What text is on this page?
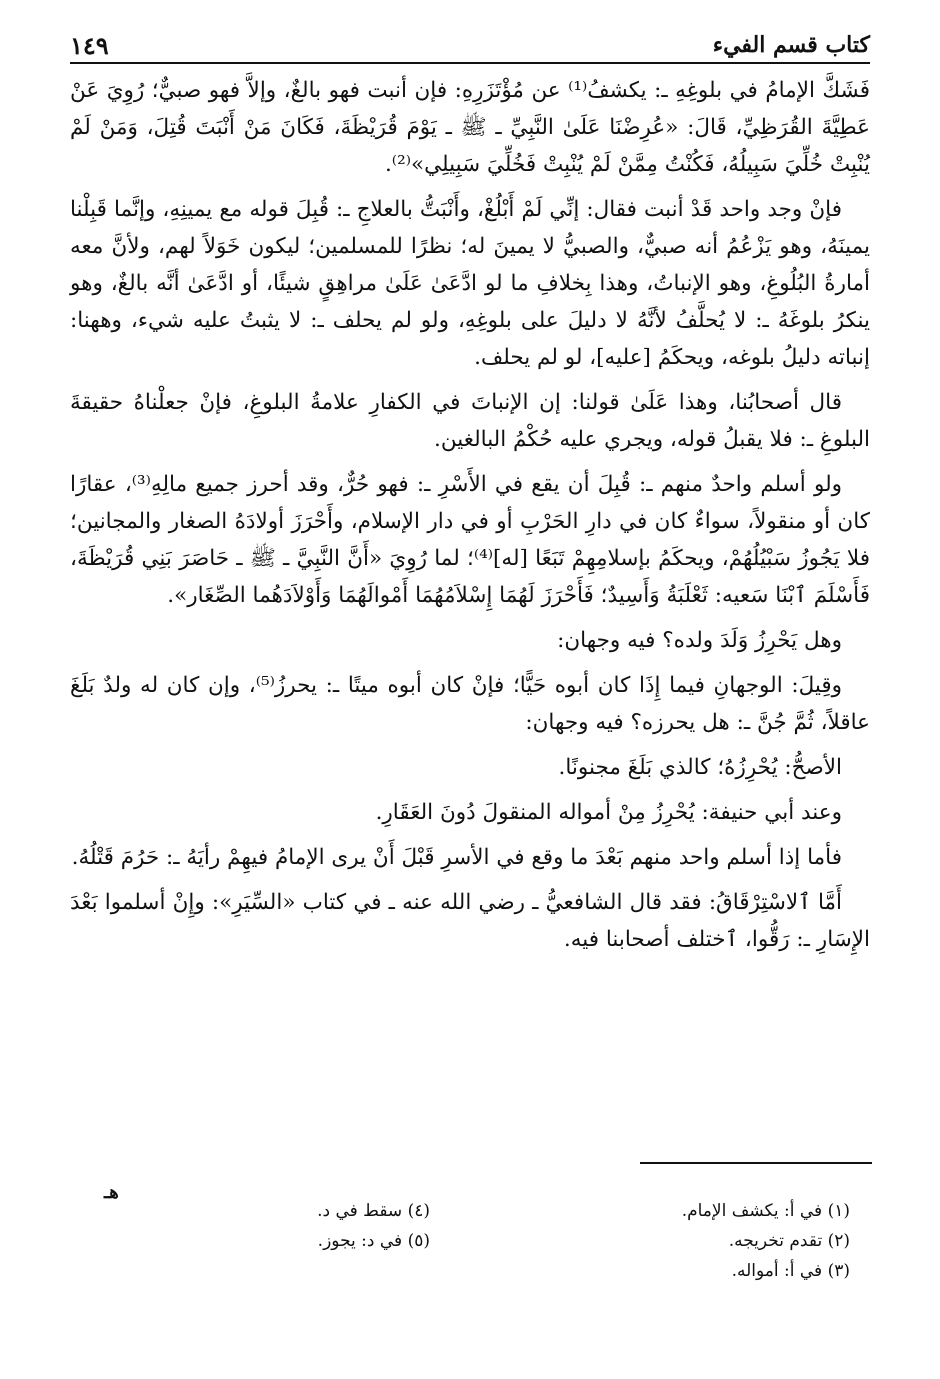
كتاب قسم الفيء
١٤٩

فَشَكَّ الإمامُ في بلوغِهِ ـ: يكشفُ⁽¹⁾ عن مُؤْتَزَرِهِ: فإن أنبت فهو بالغٌ، وإلاَّ فهو صبيٌّ؛ رُوِيَ عَنْ عَطِيَّةَ القُرَظِيِّ، قَالَ: «عُرِضْنَا عَلَىٰ النَّبِيِّ ـ ﷺ ـ يَوْمَ قُرَيْظَةَ، فَكَانَ مَنْ أَنْبَتَ قُتِلَ، وَمَنْ لَمْ يُنْبِتْ خُلِّيَ سَبِيلُهُ، فَكُنْتُ مِمَّنْ لَمْ يُنْبِتْ فَخُلِّيَ سَبِيلِي»⁽²⁾.

فإنْ وجد واحد قَدْ أنبت فقال: إنِّي لَمْ أَبْلُغْ، وأَنْبَتُّ بالعلاجِ ـ: قُبِلَ قوله مع يمينِهِ، وإنَّما قَبِلْنا يمينَهُ، وهو يَزْعُمُ أنه صبيٌّ، والصبيُّ لا يمينَ له؛ نظرًا للمسلمين؛ ليكون خَوَلاً لهم، ولأنَّ معه أمارةُ البُلُوغِ، وهو الإنباتُ، وهذا بِخلافِ ما لو ادَّعَىٰ عَلَىٰ مراهِقٍ شيئًا، أو ادَّعَىٰ أنَّه بالغٌ، وهو ينكرُ بلوغَهُ ـ: لا يُحلَّفُ لأنَّهُ لا دليلَ على بلوغِهِ، ولو لم يحلف ـ: لا يثبتُ عليه شيء، وههنا: إنباته دليلُ بلوغه، ويحكَمُ [عليه]، لو لم يحلف.

قال أصحابُنا، وهذا عَلَىٰ قولنا: إن الإنباتَ في الكفارِ علامةُ البلوغِ، فإنْ جعلْناهُ حقيقةَ البلوغِ ـ: فلا يقبلُ قوله، ويجري عليه حُكْمُ البالغين.

ولو أسلم واحدٌ منهم ـ: قُبِلَ أن يقع في الأَسْرِ ـ: فهو حُرٌّ، وقد أحرز جميع مالِهِ⁽³⁾، عقارًا كان أو منقولاً، سواءٌ كان في دارِ الحَرْبِ أو في دار الإسلام، وأَحْرَزَ أولادَهُ الصغار والمجانين؛ فلا يَجُوزُ سَبْيُلُهُمْ، ويحكَمُ بإسلامِهِمْ تَبَعًا [له]⁽⁴⁾؛ لما رُوِيَ «أَنَّ النَّبِيَّ ـ ﷺ ـ حَاصَرَ بَنِي قُرَيْظَةَ، فَأَسْلَمَ ٱبْنَا سَعيه: ثَعْلَبَةُ وَأَسِيدٌ؛ فَأَحْرَزَ لَهُمَا إِسْلاَمُهُمَا أَمْوالَهُمَا وَأَوْلاَدَهُما الصِّغَار».

وهل يَحْرِزُ وَلَدَ ولده؟ فيه وجهان:

وقِيلَ: الوجهانِ فيما إِذَا كان أبوه حَيًّا؛ فإنْ كان أبوه ميتًا ـ: يحرزُ⁽⁵⁾، وإن كان له ولدٌ بَلَغَ عاقلاً، ثُمَّ جُنَّ ـ: هل يحرزه؟ فيه وجهان:

الأصحُّ: يُحْرِزُهُ؛ كالذي بَلَغَ مجنونًا.

وعند أبي حنيفة: يُحْرِزُ مِنْ أمواله المنقولَ دُونَ العَقَارِ.

فأما إذا أسلم واحد منهم بَعْدَ ما وقع في الأسرِ قَبْلَ أَنْ يرى الإمامُ فيهِمْ رأيَهُ ـ: حَرُمَ قَتْلُهُ.

أَمَّا ٱلاسْتِرْقَاقُ: فقد قال الشافعيُّ ـ رضي الله عنه ـ في كتاب «السِّيَرِ»: وإِنْ أسلموا بَعْدَ الإِسَارِ ـ: رَقُّوا، ٱختلف أصحابنا فيه.

هـ
(١) في أ: يكشف الإمام.
(٢) تقدم تخريجه.
(٣) في أ: أمواله.
(٤) سقط في د.
(٥) في د: يجوز.
